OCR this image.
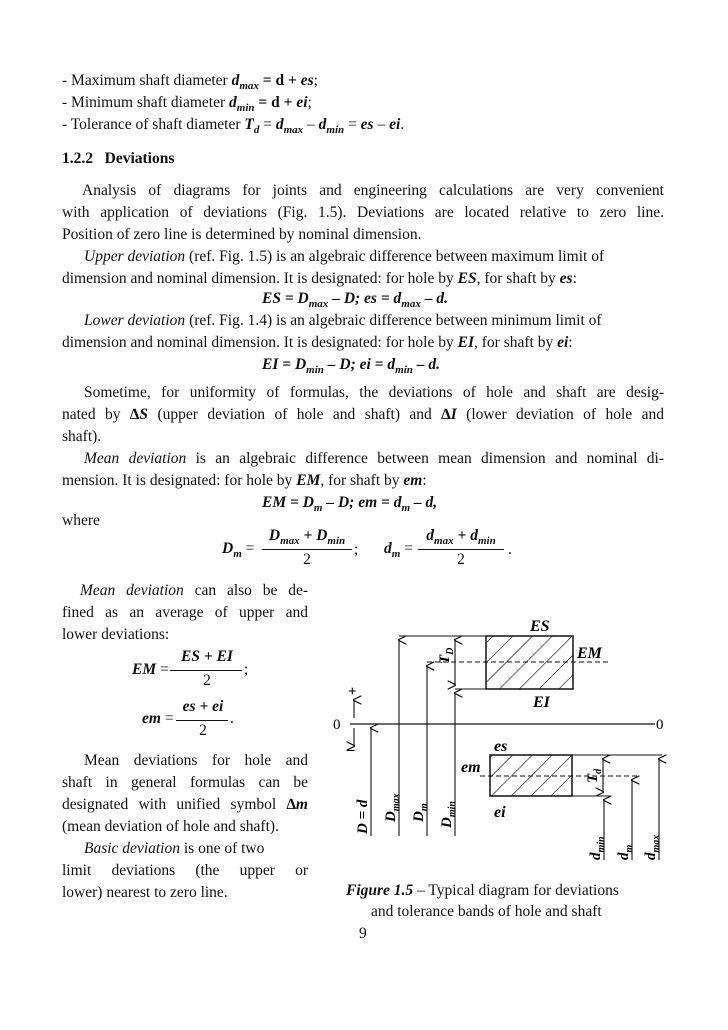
- Maximum shaft diameter $d_{max} = d$ + es;
- Minimum shaft diameter $d_{min} = d$ + ei;
- Tolerance of shaft diameter $T_d = d_{max} - d_{min}$ = es – ei.
1.2.2 Deviations
Analysis of diagrams for joints and engineering calculations are very convenient
with application of deviations (Fig. 1.5). Deviations are located relative to zero line.
Position of zero line is determined by nominal dimension.
Upper deviation (ref. Fig. 1.5) is an algebraic difference between maximum limit of
dimension and nominal dimension. It is designated: for hole by ES, for shaft by es:
ES = $D_{max}$ – D; es = $d_{max}$ – d.
Lower deviation (ref. Fig. 1.4) is an algebraic difference between minimum limit of
dimension and nominal dimension. It is designated: for hole by EI, for shaft by ei:
EI = $D_{min}$ – D; ei = $d_{min}$ – d.
Sometime, for uniformity of formulas, the deviations of hole and shaft are desig-
nated by ∆S (upper deviation of hole and shaft) and ∆I (lower deviation of hole and
shaft).
Mean deviation is an algebraic difference between mean dimension and nominal di-
mension. It is designated: for hole by EM, for shaft by em:
EM = $D_m$ – D; em = $d_m$ – d,
where
$D_m$ =
$D_{max} + D_{min}$
2
; $d_m$ =
$d_{max} + d_{min}$
2
.
Mean deviation can also be de-
fined as an average of upper and
lower deviations:
EM =
ES + EI
2
;
em =
es + ei
2
.
Mean deviations for hole and
shaft in general formulas can be
designated with unified symbol ∆m
(mean deviation of hole and shaft).
Basic deviation is one of two
limit deviations (the upper or
lower) nearest to zero line.
ES
EM
EI
es
em
ei
+
–
0	0
$T_D$
$T_d$
D = d $D_{max}$
$D_m$
$D_{min}$
$d_{min}$
$d_m$
$d_{max}$
Figure 1.5 – Typical diagram for deviations
and tolerance bands of hole and shaft
9
